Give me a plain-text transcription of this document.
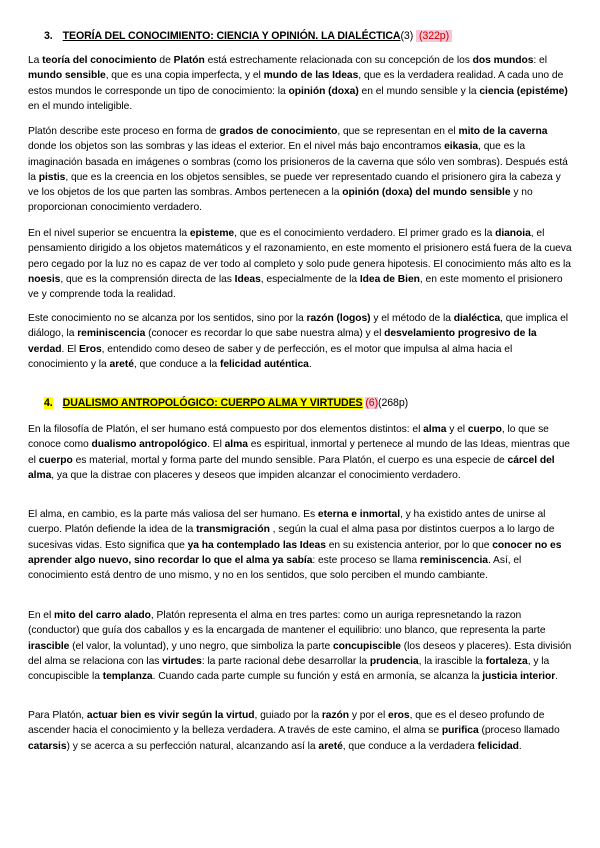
3. TEORÍA DEL CONOCIMIENTO: CIENCIA Y OPINIÓN. LA DIALÉCTICA(3) (322p)

La teoría del conocimiento de Platón está estrechamente relacionada con su concepción de los dos mundos: el mundo sensible, que es una copia imperfecta, y el mundo de las Ideas, que es la verdadera realidad. A cada uno de estos mundos le corresponde un tipo de conocimiento: la opinión (doxa) en el mundo sensible y la ciencia (epistéme) en el mundo inteligible.

Platón describe este proceso en forma de grados de conocimiento, que se representan en el mito de la caverna donde los objetos son las sombras y las ideas el exterior. En el nivel más bajo encontramos eikasia, que es la imaginación basada en imágenes o sombras (como los prisioneros de la caverna que sólo ven sombras). Después está la pistis, que es la creencia en los objetos sensibles, se puede ver representado cuando el prisionero gira la cabeza y ve los objetos de los que parten las sombras. Ambos pertenecen a la opinión (doxa) del mundo sensible y no proporcionan conocimiento verdadero.

En el nivel superior se encuentra la episteme, que es el conocimiento verdadero. El primer grado es la dianoia, el pensamiento dirigido a los objetos matemáticos y el razonamiento, en este momento el prisionero está fuera de la cueva pero cegado por la luz no es capaz de ver todo al completo y solo pude genera hipotesis. El conocimiento más alto es la noesis, que es la comprensión directa de las Ideas, especialmente de la Idea de Bien, en este momento el prisionero ve y comprende toda la realidad.

Este conocimiento no se alcanza por los sentidos, sino por la razón (logos) y el método de la dialéctica, que implica el diálogo, la reminiscencia (conocer es recordar lo que sabe nuestra alma) y el desvelamiento progresivo de la verdad. El Eros, entendido como deseo de saber y de perfección, es el motor que impulsa al alma hacia el conocimiento y la areté, que conduce a la felicidad auténtica.

4. DUALISMO ANTROPOLÓGICO: CUERPO ALMA Y VIRTUDES (6)(268p)

En la filosofía de Platón, el ser humano está compuesto por dos elementos distintos: el alma y el cuerpo, lo que se conoce como dualismo antropológico. El alma es espiritual, inmortal y pertenece al mundo de las Ideas, mientras que el cuerpo es material, mortal y forma parte del mundo sensible. Para Platón, el cuerpo es una especie de cárcel del alma, ya que la distrae con placeres y deseos que impiden alcanzar el conocimiento verdadero.

El alma, en cambio, es la parte más valiosa del ser humano. Es eterna e inmortal, y ha existido antes de unirse al cuerpo. Platón defiende la idea de la transmigración , según la cual el alma pasa por distintos cuerpos a lo largo de sucesivas vidas. Esto significa que ya ha contemplado las Ideas en su existencia anterior, por lo que conocer no es aprender algo nuevo, sino recordar lo que el alma ya sabía: este proceso se llama reminiscencia. Así, el conocimiento está dentro de uno mismo, y no en los sentidos, que solo perciben el mundo cambiante.

En el mito del carro alado, Platón representa el alma en tres partes: como un auriga represnetando la razon (conductor) que guía dos caballos y es la encargada de mantener el equilibrio: uno blanco, que representa la parte irascible (el valor, la voluntad), y uno negro, que simboliza la parte concupiscible (los deseos y placeres). Esta división del alma se relaciona con las virtudes: la parte racional debe desarrollar la prudencia, la irascible la fortaleza, y la concupiscible la templanza. Cuando cada parte cumple su función y está en armonía, se alcanza la justicia interior.

Para Platón, actuar bien es vivir según la virtud, guiado por la razón y por el eros, que es el deseo profundo de ascender hacia el conocimiento y la belleza verdadera. A través de este camino, el alma se purifica (proceso llamado catarsis) y se acerca a su perfección natural, alcanzando así la areté, que conduce a la verdadera felicidad.
